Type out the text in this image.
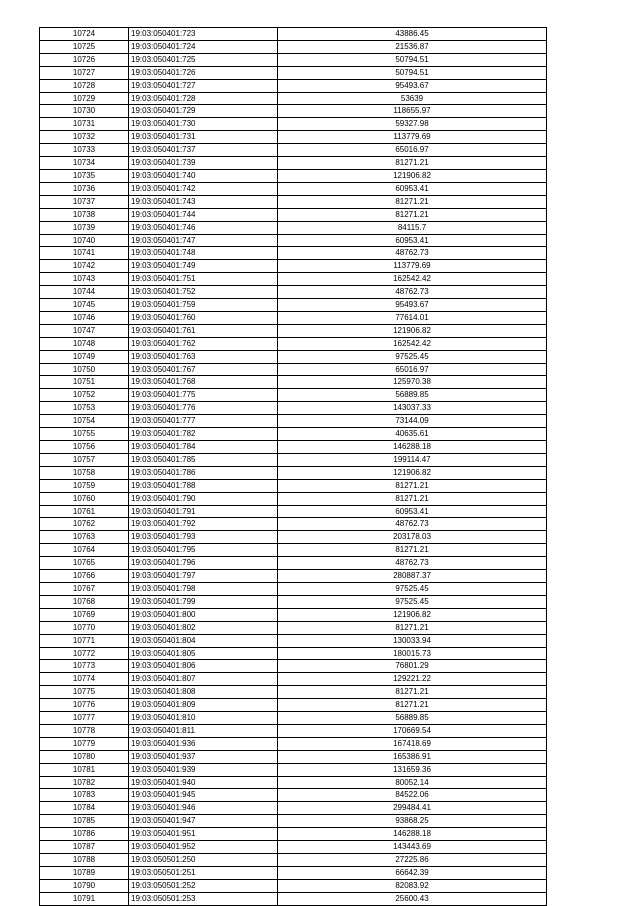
10724	19:03:050401:723	43886.45
10725	19:03:050401:724	21536.87
10726	19:03:050401:725	50794.51
10727	19:03:050401:726	50794.51
10728	19:03:050401:727	95493.67
10729	19:03:050401:728	53639
10730	19:03:050401:729	118655.97
10731	19:03:050401:730	59327.98
10732	19:03:050401:731	113779.69
10733	19:03:050401:737	65016.97
10734	19:03:050401:739	81271.21
10735	19:03:050401:740	121906.82
10736	19:03:050401:742	60953.41
10737	19:03:050401:743	81271.21
10738	19:03:050401:744	81271.21
10739	19:03:050401:746	84115.7
10740	19:03:050401:747	60953.41
10741	19:03:050401:748	48762.73
10742	19:03:050401:749	113779.69
10743	19:03:050401:751	162542.42
10744	19:03:050401:752	48762.73
10745	19:03:050401:759	95493.67
10746	19:03:050401:760	77614.01
10747	19:03:050401:761	121906.82
10748	19:03:050401:762	162542.42
10749	19:03:050401:763	97525.45
10750	19:03:050401:767	65016.97
10751	19:03:050401:768	125970.38
10752	19:03:050401:775	56889.85
10753	19:03:050401:776	143037.33
10754	19:03:050401:777	73144.09
10755	19:03:050401:782	40635.61
10756	19:03:050401:784	146288.18
10757	19:03:050401:785	199114.47
10758	19:03:050401:786	121906.82
10759	19:03:050401:788	81271.21
10760	19:03:050401:790	81271.21
10761	19:03:050401:791	60953.41
10762	19:03:050401:792	48762.73
10763	19:03:050401:793	203178.03
10764	19:03:050401:795	81271.21
10765	19:03:050401:796	48762.73
10766	19:03:050401:797	280887.37
10767	19:03:050401:798	97525.45
10768	19:03:050401:799	97525.45
10769	19:03:050401:800	121906.82
10770	19:03:050401:802	81271.21
10771	19:03:050401:804	130033.94
10772	19:03:050401:805	180015.73
10773	19:03:050401:806	76801.29
10774	19:03:050401:807	129221.22
10775	19:03:050401:808	81271.21
10776	19:03:050401:809	81271.21
10777	19:03:050401:810	56889.85
10778	19:03:050401:811	170669.54
10779	19:03:050401:936	167418.69
10780	19:03:050401:937	165386.91
10781	19:03:050401:939	131659.36
10782	19:03:050401:940	80052.14
10783	19:03:050401:945	84522.06
10784	19:03:050401:946	299484.41
10785	19:03:050401:947	93868.25
10786	19:03:050401:951	146288.18
10787	19:03:050401:952	143443.69
10788	19:03:050501:250	27225.86
10789	19:03:050501:251	66642.39
10790	19:03:050501:252	82083.92
10791	19:03:050501:253	25600.43
